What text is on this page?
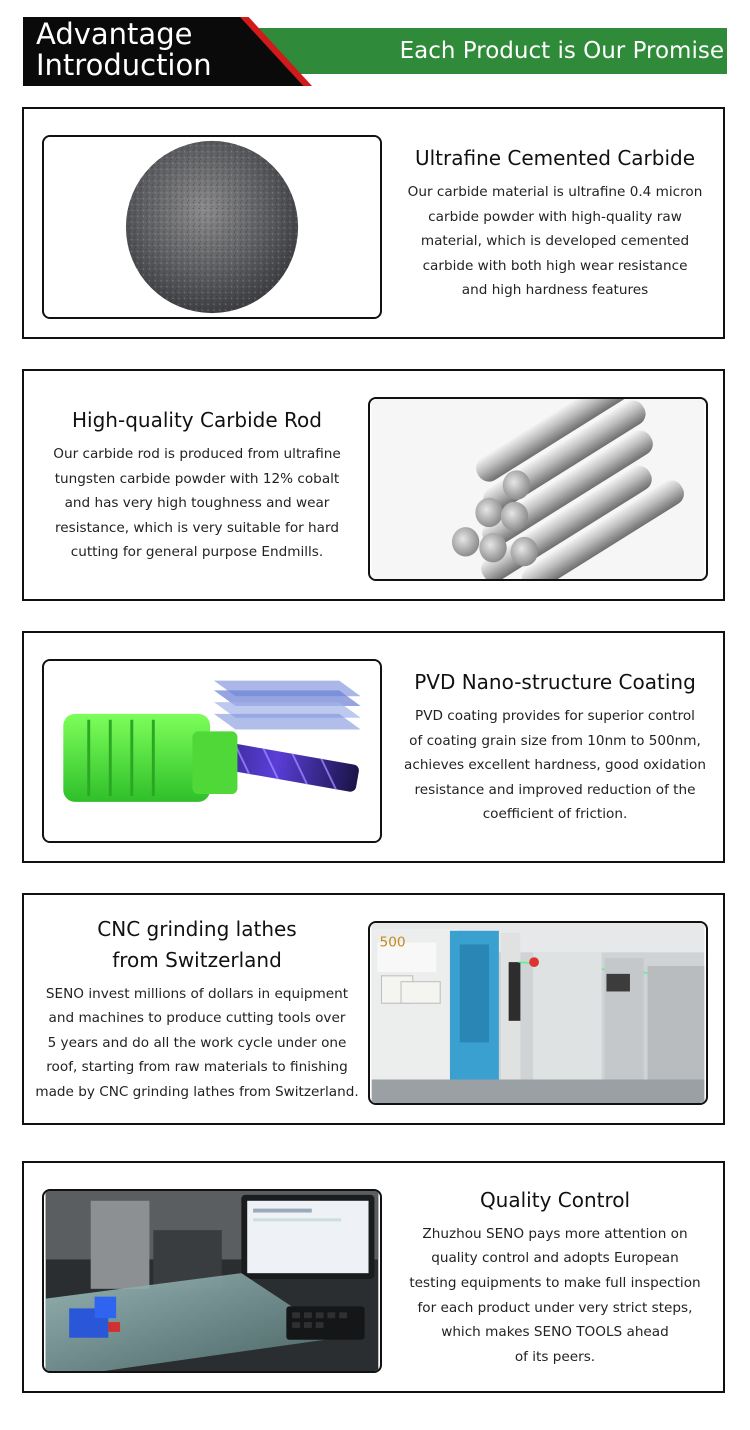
Advantage
Introduction	Each Product is Our Promise
Ultrafine Cemented Carbide

Our carbide material is ultrafine 0.4 micron
carbide powder with high-quality raw
material, which is developed cemented
carbide with both high wear resistance
and high hardness features

High-quality Carbide Rod

Our carbide rod is produced from ultrafine
tungsten carbide powder with 12% cobalt
and has very high toughness and wear
resistance, which is very suitable for hard
cutting for general purpose Endmills.

PVD Nano-structure Coating

PVD coating provides for superior control
of coating grain size from 10nm to 500nm,
achieves excellent hardness, good oxidation
resistance and improved reduction of the
coefficient of friction.

CNC grinding lathes
from Switzerland

SENO invest millions of dollars in equipment
and machines to produce cutting tools over
5 years and do all the work cycle under one
roof, starting from raw materials to finishing
made by CNC grinding lathes from Switzerland.

500
Quality Control

Zhuzhou SENO pays more attention on
quality control and adopts European
testing equipments to make full inspection
for each product under very strict steps,
which makes SENO TOOLS ahead
of its peers.
